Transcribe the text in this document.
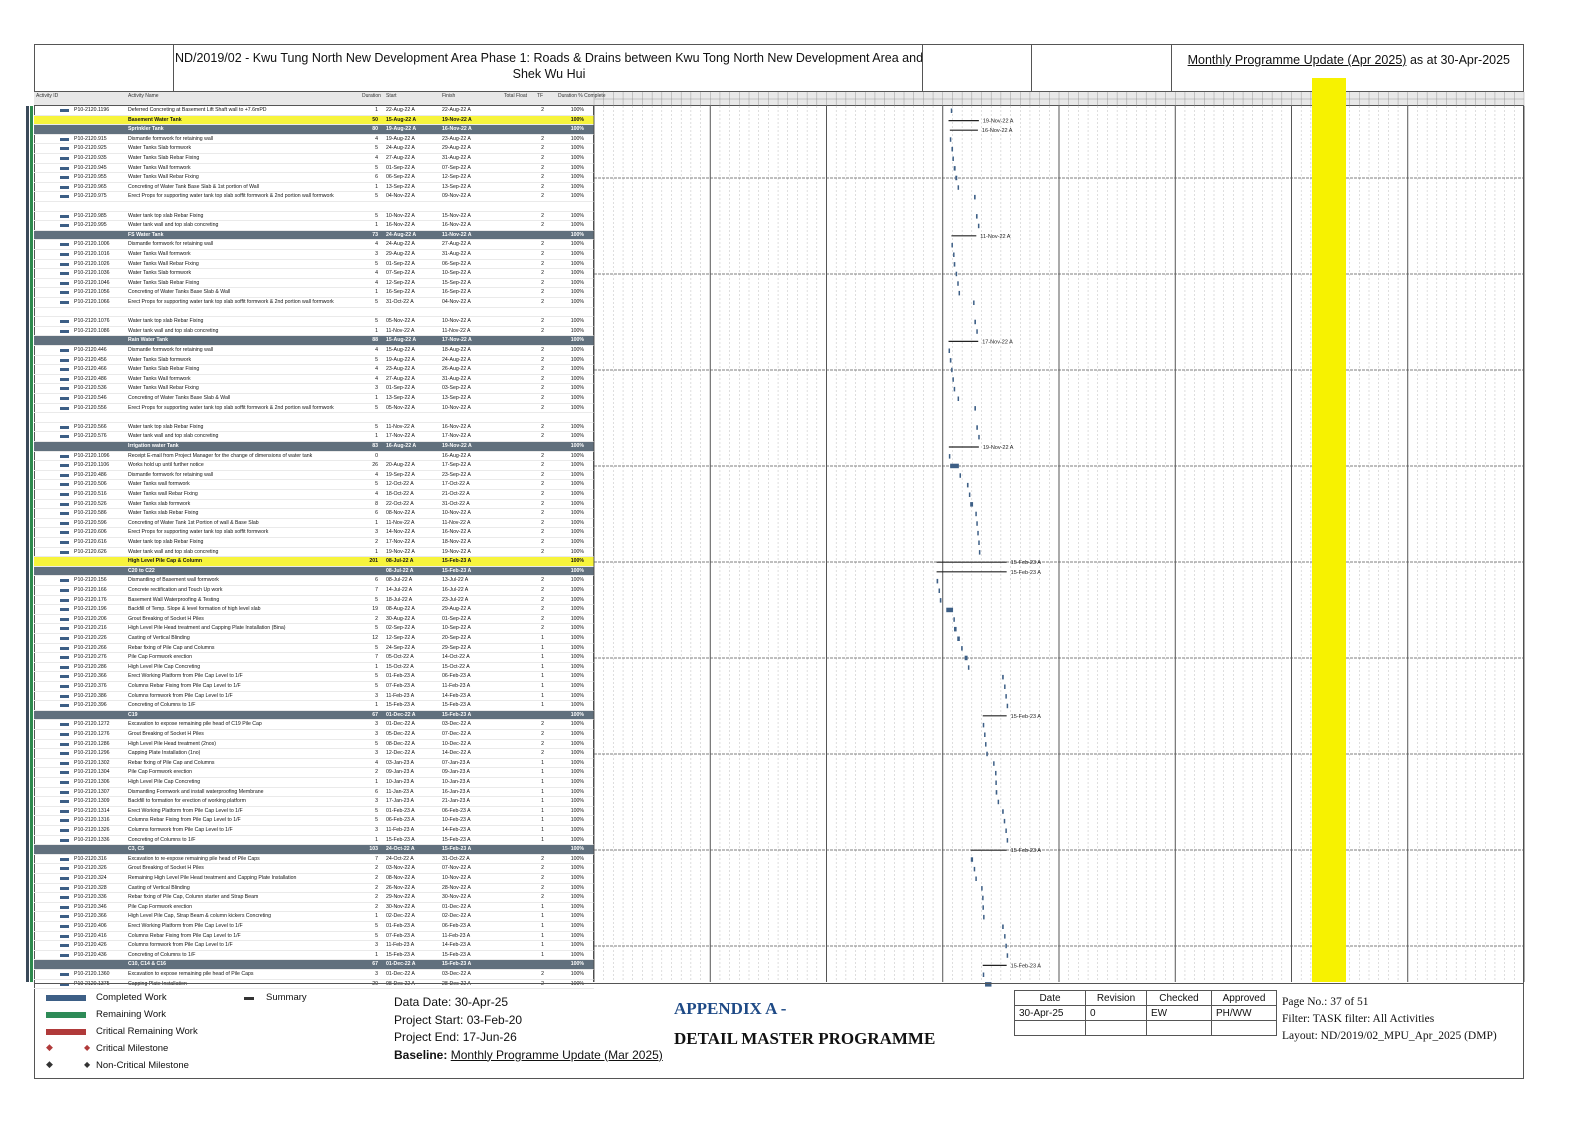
ND/2019/02 - Kwu Tung North New Development Area Phase 1: Roads & Drains between Kwu Tong North New Development Area and Shek Wu Hui
Monthly Programme Update (Apr 2025) as at 30-Apr-2025
Activity ID	Activity Name	Duration Start	Finish	Total Float TF	Duration % Complete
P10-2120.1196	Deferred Concreting at Basement Lift Shaft wall to +7.6mPD	1 22-Aug-22 A	22-Aug-22 A	2	100%
Basement Water Tank	50 15-Aug-22 A	19-Nov-22 A	100%
Sprinkler Tank	80 19-Aug-22 A	16-Nov-22 A	100%
P10-2120.915	Dismantle formwork for retaining wall	4 19-Aug-22 A	23-Aug-22 A	2	100%
P10-2120.925	Water Tanks Slab formwork	5 24-Aug-22 A	29-Aug-22 A	2	100%
P10-2120.935	Water Tanks Slab Rebar Fixing	4 27-Aug-22 A	31-Aug-22 A	2	100%
P10-2120.945	Water Tanks Wall formwork	5 01-Sep-22 A	07-Sep-22 A	2	100%
P10-2120.955	Water Tanks Wall Rebar Fixing	6 06-Sep-22 A	12-Sep-22 A	2	100%
P10-2120.965	Concreting of Water Tank Base Slab & 1st portion of Wall	1 13-Sep-22 A	13-Sep-22 A	2	100%
P10-2120.975	Erect Props for supporting water tank top slab soffit formwork & 2nd portion wall formwork	5 04-Nov-22 A	09-Nov-22 A	2	100%
P10-2120.985	Water tank top slab Rebar Fixing	5 10-Nov-22 A	15-Nov-22 A	2	100%
P10-2120.995	Water tank wall and top slab concreting	1 16-Nov-22 A	16-Nov-22 A	2	100%
FS Water Tank	73 24-Aug-22 A	11-Nov-22 A	100%
P10-2120.1006	Dismantle formwork for retaining wall	4 24-Aug-22 A	27-Aug-22 A	2	100%
P10-2120.1016	Water Tanks Wall formwork	3 29-Aug-22 A	31-Aug-22 A	2	100%
P10-2120.1026	Water Tanks Wall Rebar Fixing	5 01-Sep-22 A	06-Sep-22 A	2	100%
P10-2120.1036	Water Tanks Slab formwork	4 07-Sep-22 A	10-Sep-22 A	2	100%
P10-2120.1046	Water Tanks Slab Rebar Fixing	4 12-Sep-22 A	15-Sep-22 A	2	100%
P10-2120.1056	Concreting of Water Tanks Base Slab & Wall	1 16-Sep-22 A	16-Sep-22 A	2	100%
P10-2120.1066	Erect Props for supporting water tank top slab soffit formwork & 2nd portion wall formwork	5 31-Oct-22 A	04-Nov-22 A	2	100%
P10-2120.1076	Water tank top slab Rebar Fixing	5 05-Nov-22 A	10-Nov-22 A	2	100%
P10-2120.1086	Water tank wall and top slab concreting	1 11-Nov-22 A	11-Nov-22 A	2	100%
Rain Water Tank	88 15-Aug-22 A	17-Nov-22 A	100%
P10-2120.446	Dismantle formwork for retaining wall	4 15-Aug-22 A	18-Aug-22 A	2	100%
P10-2120.456	Water Tanks Slab formwork	5 19-Aug-22 A	24-Aug-22 A	2	100%
P10-2120.466	Water Tanks Slab Rebar Fixing	4 23-Aug-22 A	26-Aug-22 A	2	100%
P10-2120.486	Water Tanks Wall formwork	4 27-Aug-22 A	31-Aug-22 A	2	100%
P10-2120.536	Water Tanks Wall Rebar Fixing	3 01-Sep-22 A	03-Sep-22 A	2	100%
P10-2120.546	Concreting of Water Tanks Base Slab & Wall	1 13-Sep-22 A	13-Sep-22 A	2	100%
P10-2120.556	Erect Props for supporting water tank top slab soffit formwork & 2nd portion wall formwork	5 05-Nov-22 A	10-Nov-22 A	2	100%
P10-2120.566	Water tank top slab Rebar Fixing	5 11-Nov-22 A	16-Nov-22 A	2	100%
P10-2120.576	Water tank wall and top slab concreting	1 17-Nov-22 A	17-Nov-22 A	2	100%
Irrigation water Tank	83 16-Aug-22 A	19-Nov-22 A	100%
P10-2120.1096	Receipt E-mail from Project Manager for the change of dimensions of water tank	0	16-Aug-22 A	2	100%
P10-2120.1106	Works hold up until further notice	26 20-Aug-22 A	17-Sep-22 A	2	100%
P10-2120.486	Dismantle formwork for retaining wall	4 19-Sep-22 A	23-Sep-22 A	2	100%
P10-2120.506	Water Tanks wall formwork	5 12-Oct-22 A	17-Oct-22 A	2	100%
P10-2120.516	Water Tanks wall Rebar Fixing	4 18-Oct-22 A	21-Oct-22 A	2	100%
P10-2120.526	Water Tanks slab formwork	8 22-Oct-22 A	31-Oct-22 A	2	100%
P10-2120.586	Water Tanks slab Rebar Fixing	6 08-Nov-22 A	10-Nov-22 A	2	100%
P10-2120.596	Concreting of Water Tank 1st Portion of wall & Base Slab	1 11-Nov-22 A	11-Nov-22 A	2	100%
P10-2120.606	Erect Props for supporting water tank top slab soffit formwork	3 14-Nov-22 A	16-Nov-22 A	2	100%
P10-2120.616	Water tank top slab Rebar Fixing	2 17-Nov-22 A	18-Nov-22 A	2	100%
P10-2120.626	Water tank wall and top slab concreting	1 19-Nov-22 A	19-Nov-22 A	2	100%
High Level Pile Cap & Column	201 08-Jul-22 A	15-Feb-23 A	100%
C20 to C22	08-Jul-22 A	15-Feb-23 A	100%
P10-2120.156	Dismantling of Basement wall formwork	6 08-Jul-22 A	13-Jul-22 A	2	100%
P10-2120.166	Concrete rectification and Touch Up work	7 14-Jul-22 A	16-Jul-22 A	2	100%
P10-2120.176	Basement Wall Waterproofing & Testing	5 18-Jul-22 A	23-Jul-22 A	2	100%
P10-2120.196	Backfill of Temp. Slope & level formation of high level slab	19 08-Aug-22 A	29-Aug-22 A	2	100%
P10-2120.206	Grout Breaking of Socket H Piles	2 30-Aug-22 A	01-Sep-22 A	2	100%
P10-2120.216	High Level Pile Head treatment and Capping Plate Installation (Bina)	5 02-Sep-22 A	10-Sep-22 A	2	100%
P10-2120.226	Casting of Vertical Blinding	12 12-Sep-22 A	20-Sep-22 A	1	100%
P10-2120.266	Rebar fixing of Pile Cap and Columns	5 24-Sep-22 A	29-Sep-22 A	1	100%
P10-2120.276	Pile Cap Formwork erection	7 05-Oct-22 A	14-Oct-22 A	1	100%
P10-2120.286	High Level Pile Cap Concreting	1 15-Oct-22 A	15-Oct-22 A	1	100%
P10-2120.366	Erect Working Platform from Pile Cap Level to 1/F	5 01-Feb-23 A	06-Feb-23 A	1	100%
P10-2120.376	Columns Rebar Fixing from Pile Cap Level to 1/F	5 07-Feb-23 A	11-Feb-23 A	1	100%
P10-2120.386	Columns formwork from Pile Cap Level to 1/F	3 11-Feb-23 A	14-Feb-23 A	1	100%
P10-2120.396	Concreting of Columns to 1/F	1 15-Feb-23 A	15-Feb-23 A	1	100%
C19	67 01-Dec-22 A	15-Feb-23 A	100%
P10-2120.1272	Excavation to expose remaining pile head of C19 Pile Cap	3 01-Dec-22 A	03-Dec-22 A	2	100%
P10-2120.1276	Grout Breaking of Socket H Piles	3 05-Dec-22 A	07-Dec-22 A	2	100%
P10-2120.1286	High Level Pile Head treatment (2nos)	5 08-Dec-22 A	10-Dec-22 A	2	100%
P10-2120.1296	Capping Plate Installation (1no)	3 12-Dec-22 A	14-Dec-22 A	2	100%
P10-2120.1302	Rebar fixing of Pile Cap and Columns	4 03-Jan-23 A	07-Jan-23 A	1	100%
P10-2120.1304	Pile Cap Formwork erection	2 09-Jan-23 A	09-Jan-23 A	1	100%
P10-2120.1306	High Level Pile Cap Concreting	1 10-Jan-23 A	10-Jan-23 A	1	100%
P10-2120.1307	Dismantling Formwork and install waterproofing Membrane	6 11-Jan-23 A	16-Jan-23 A	1	100%
P10-2120.1309	Backfill to formation for erection of working platform	3 17-Jan-23 A	21-Jan-23 A	1	100%
P10-2120.1314	Erect Working Platform from Pile Cap Level to 1/F	5 01-Feb-23 A	06-Feb-23 A	1	100%
P10-2120.1316	Columns Rebar Fixing from Pile Cap Level to 1/F	5 06-Feb-23 A	10-Feb-23 A	1	100%
P10-2120.1326	Columns formwork from Pile Cap Level to 1/F	3 11-Feb-23 A	14-Feb-23 A	1	100%
P10-2120.1336	Concreting of Columns to 1/F	1 15-Feb-23 A	15-Feb-23 A	1	100%
C3, C5	103 24-Oct-22 A	15-Feb-23 A	100%
P10-2120.316	Excavation to re-expose remaining pile head of Pile Caps	7 24-Oct-22 A	31-Oct-22 A	2	100%
P10-2120.326	Grout Breaking of Socket H Piles	2 03-Nov-22 A	07-Nov-22 A	2	100%
P10-2120.324	Remaining High Level Pile Head treatment and Capping Plate Installation	2 08-Nov-22 A	10-Nov-22 A	2	100%
P10-2120.328	Casting of Vertical Blinding	2 26-Nov-22 A	28-Nov-22 A	2	100%
P10-2120.336	Rebar fixing of Pile Cap, Column starter and Strap Beam	2 29-Nov-22 A	30-Nov-22 A	2	100%
P10-2120.346	Pile Cap Formwork erection	2 30-Nov-22 A	01-Dec-22 A	1	100%
P10-2120.366	High Level Pile Cap, Strap Beam & column kickers Concreting	1 02-Dec-22 A	02-Dec-22 A	1	100%
P10-2120.406	Erect Working Platform from Pile Cap Level to 1/F	5 01-Feb-23 A	06-Feb-23 A	1	100%
P10-2120.416	Columns Rebar Fixing from Pile Cap Level to 1/F	5 07-Feb-23 A	11-Feb-23 A	1	100%
P10-2120.426	Columns formwork from Pile Cap Level to 1/F	3 11-Feb-23 A	14-Feb-23 A	1	100%
P10-2120.436	Concreting of Columns to 1/F	1 15-Feb-23 A	15-Feb-23 A	1	100%
C10, C14 & C16	67 01-Dec-22 A	15-Feb-23 A	100%
P10-2120.1360	Excavation to expose remaining pile head of Pile Caps	3 01-Dec-22 A	03-Dec-22 A	2	100%
P10-2120.1375	Capping Plate Installation	20 08-Dec-22 A	28-Dec-22 A	2	100%
19-Nov-22 A
16-Nov-22 A
11-Nov-22 A
17-Nov-22 A
19-Nov-22 A
15-Feb-23 A
15-Feb-23 A
15-Feb-23 A
15-Feb-23 A
15-Feb-23 A
Completed Work
Remaining Work
Critical Remaining Work
◆	◆ Critical Milestone
◆	◆ Non-Critical Milestone
Summary	Data Date: 30-Apr-25
Project Start: 03-Feb-20
Project End: 17-Jun-26
Baseline: Monthly Programme Update (Mar 2025)
APPENDIX A -
DETAIL MASTER PROGRAMME
Date	Revision	Checked	Approved
30-Apr-25	0	EW	PH/WW

Page No.: 37 of 51
Filter: TASK filter: All Activities
Layout: ND/2019/02_MPU_Apr_2025 (DMP)
